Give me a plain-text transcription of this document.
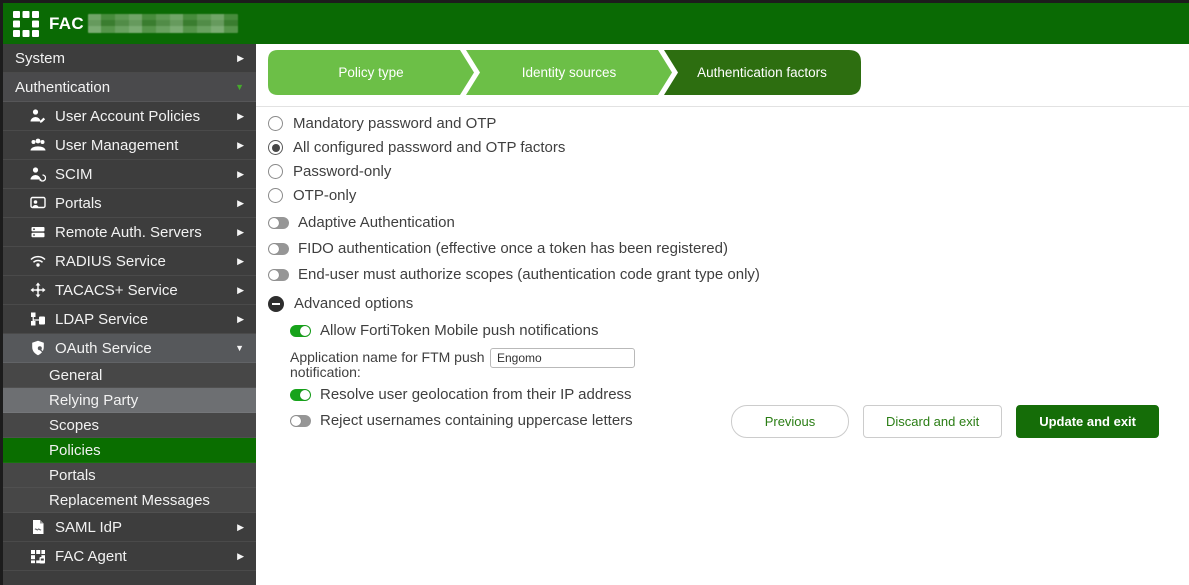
FAC
System	▶
Authentication	▼
User Account Policies	▶
User Management	▶
SCIM	▶
Portals	▶
Remote Auth. Servers	▶
RADIUS Service	▶
TACACS+ Service	▶
LDAP Service	▶
OAuth Service	▼
General
Relying Party
Scopes
Policies
Portals
Replacement Messages
SAML IdP	▶
FAC Agent	▶
Policy type	Identity sources	Authentication factors
Mandatory password and OTP
All configured password and OTP factors
Password-only
OTP-only
Adaptive Authentication
FIDO authentication (effective once a token has been registered)
End-user must authorize scopes (authentication code grant type only)
Advanced options
Allow FortiToken Mobile push notifications
Application name for FTM push notification:
Engomo
Resolve user geolocation from their IP address
Reject usernames containing uppercase letters	Previous	Discard and exit	Update and exit
